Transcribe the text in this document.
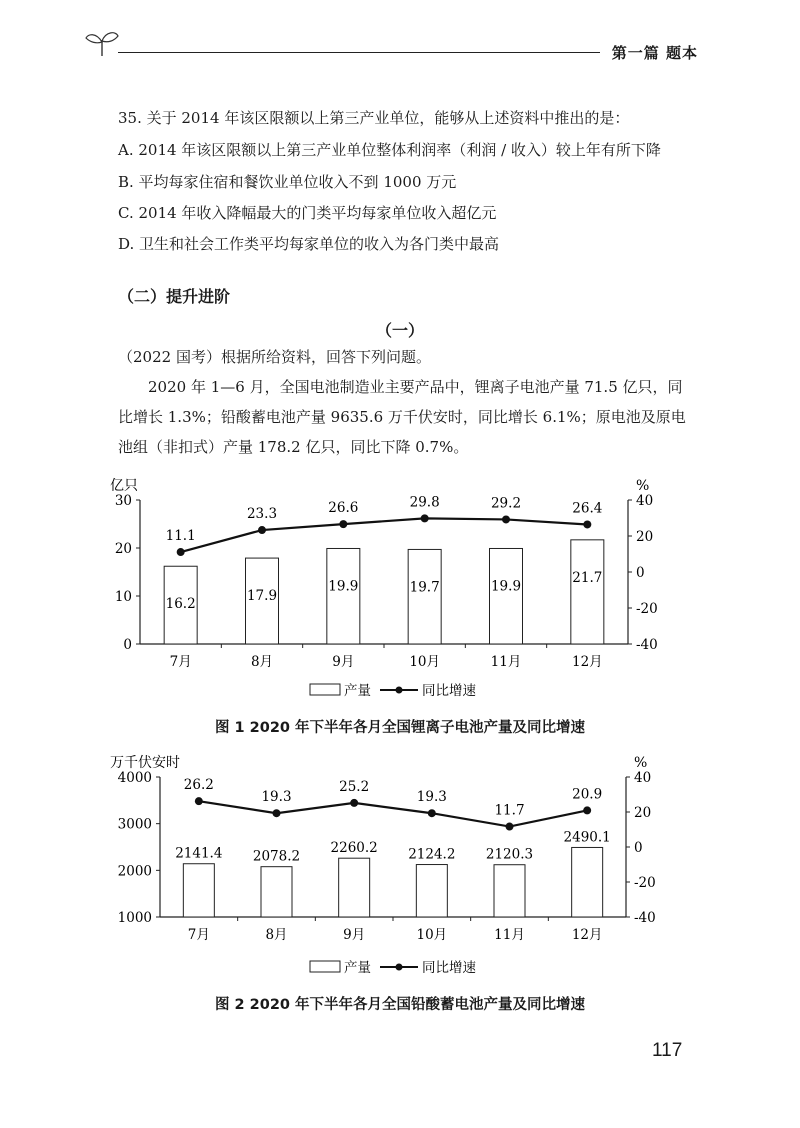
第一篇 题本
35. 关于 2014 年该区限额以上第三产业单位，能够从上述资料中推出的是：
A. 2014 年该区限额以上第三产业单位整体利润率（利润 / 收入）较上年有所下降
B. 平均每家住宿和餐饮业单位收入不到 1000 万元
C. 2014 年收入降幅最大的门类平均每家单位收入超亿元
D. 卫生和社会工作类平均每家单位的收入为各门类中最高
（二）提升进阶
（一）
（2022 国考）根据所给资料，回答下列问题。

2020 年 1—6 月，全国电池制造业主要产品中，锂离子电池产量 71.5 亿只，同比增长 1.3%；铅酸蓄电池产量 9635.6 万千伏安时，同比增长 6.1%；原电池及原电池组（非扣式）产量 178.2 亿只，同比下降 0.7%。

亿只	%
0
10
20
30
-40
-20
0
20
40
7月	8月	9月	10月	11月	12月
16.2
17.9
19.9	19.7	19.9
21.7
11.1
23.3	26.6	29.8	29.2	26.4
产量	同比增速
图 1 2020 年下半年各月全国锂离子电池产量及同比增速
万千伏安时	%
1000
2000
3000
4000
-40
-20
0
20
40
7月	8月	9月	10月	11月	12月
2141.4 2078.2
2260.2 2124.2 2120.3
2490.1
26.2
19.3
25.2
19.3
11.7
20.9
产量	同比增速
图 2 2020 年下半年各月全国铅酸蓄电池产量及同比增速
117
